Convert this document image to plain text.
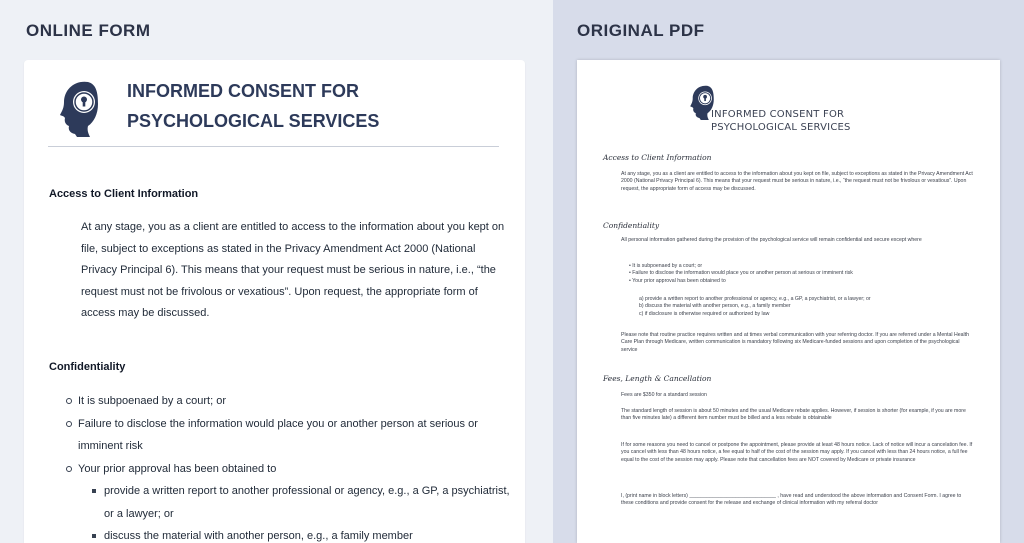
ONLINE FORM
INFORMED CONSENT FOR
PSYCHOLOGICAL SERVICES
Access to Client Information

At any stage, you as a client are entitled to access to the information about you kept on file, subject to exceptions as stated in the Privacy Amendment Act 2000 (National Privacy Principal 6). This means that your request must be serious in nature, i.e., “the request must not be frivolous or vexatious”. Upon request, the appropriate form of access may be discussed.

Confidentiality
It is subpoenaed by a court; or
Failure to disclose the information would place you or another person at serious or imminent risk
Your prior approval has been obtained to
provide a written report to another professional or agency, e.g., a GP, a psychiatrist, or a lawyer; or
discuss the material with another person, e.g., a family member
ORIGINAL PDF
INFORMED CONSENT FOR
PSYCHOLOGICAL SERVICES
Access to Client Information

At any stage, you as a client are entitled to access to the information about you kept on file, subject to exceptions as stated in the Privacy Amendment Act 2000 (National Privacy Principal 6). This means that your request must be serious in nature, i.e., “the request must not be frivolous or vexatious”. Upon request, the appropriate form of access may be discussed.

Confidentiality

All personal information gathered during the provision of the psychological service will remain confidential and secure except where

• It is subpoenaed by a court; or
• Failure to disclose the information would place you or another person at serious or imminent risk
• Your prior approval has been obtained to
a) provide a written report to another professional or agency, e.g., a GP, a psychiatrist, or a lawyer; or
b) discuss the material with another person, e.g., a family member
c) if disclosure is otherwise required or authorized by law

Please note that routine practice requires written and at times verbal communication with your referring doctor. If you are referred under a Mental Health Care Plan through Medicare, written communication is mandatory following six Medicare-funded sessions and upon completion of the psychological service

Fees, Length & Cancellation

Fees are $350 for a standard session

The standard length of session is about 50 minutes and the usual Medicare rebate applies. However, if session is shorter (for example, if you are more than five minutes late) a different item number must be billed and a less rebate is obtainable

If for some reasons you need to cancel or postpone the appointment, please provide at least 48 hours notice. Lack of notice will incur a cancelation fee. If you cancel with less than 48 hours notice, a fee equal to half of the cost of the session may apply. If you cancel with less than 24 hours notice, a full fee equal to the cost of the session may apply. Please note that cancellation fees are NOT covered by Medicare or private insurance

I, (print name in block letters) ______________________________ , have read and understood the above information and Consent Form. I agree to these conditions and provide consent for the release and exchange of clinical information with my referral doctor
